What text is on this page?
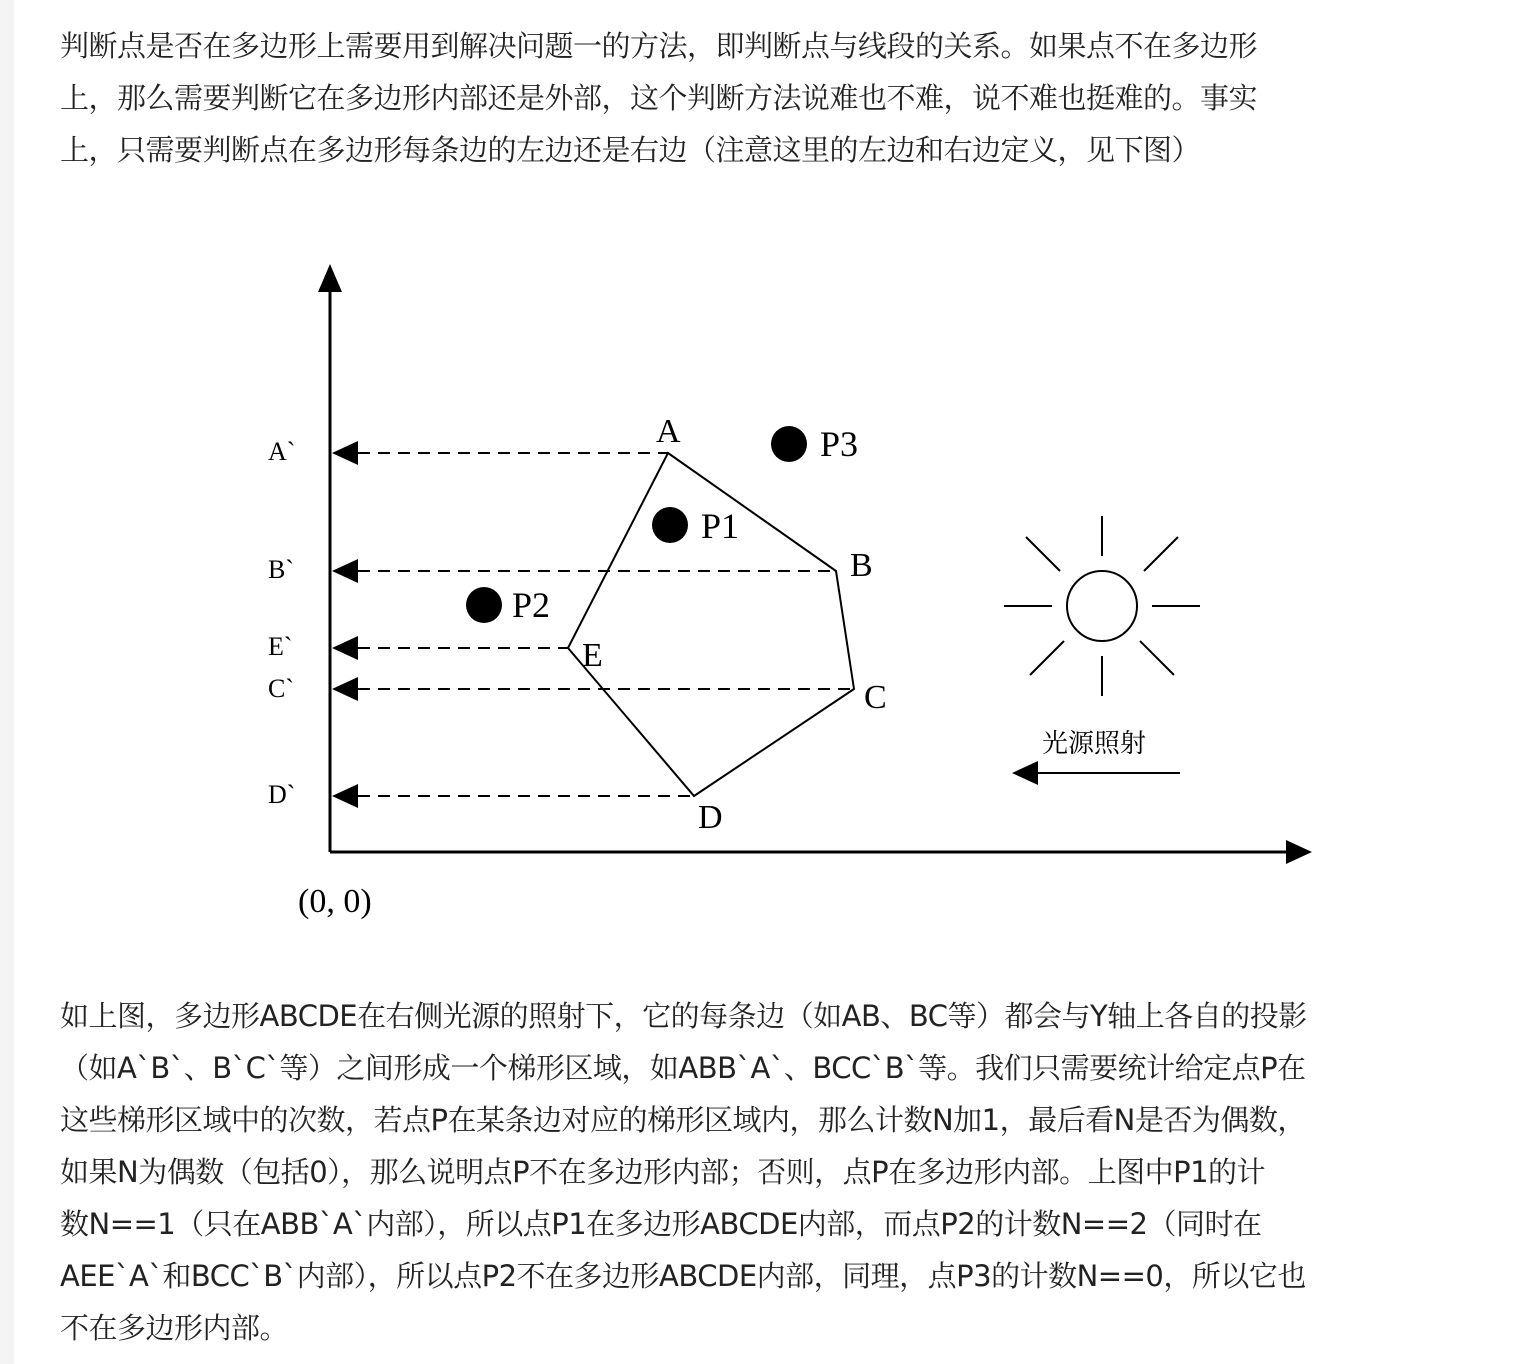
判断点是否在多边形上需要用到解决问题一的方法，即判断点与线段的关系。如果点不在多边形
上，那么需要判断它在多边形内部还是外部，这个判断方法说难也不难，说不难也挺难的。事实
上，只需要判断点在多边形每条边的左边还是右边（注意这里的左边和右边定义，见下图）
如上图，多边形ABCDE在右侧光源的照射下，它的每条边（如AB、BC等）都会与Y轴上各自的投影
（如A`B`、B`C`等）之间形成一个梯形区域，如ABB`A`、BCC`B`等。我们只需要统计给定点P在
这些梯形区域中的次数，若点P在某条边对应的梯形区域内，那么计数N加1，最后看N是否为偶数，
如果N为偶数（包括0），那么说明点P不在多边形内部；否则，点P在多边形内部。上图中P1的计
数N==1（只在ABB`A`内部），所以点P1在多边形ABCDE内部，而点P2的计数N==2（同时在
AEE`A`和BCC`B`内部），所以点P2不在多边形ABCDE内部，同理，点P3的计数N==0，所以它也
不在多边形内部。
A
B
C
D
E
A`
B`
E`
C`
D`
P3
P1
P2
(0, 0)
光源照射
